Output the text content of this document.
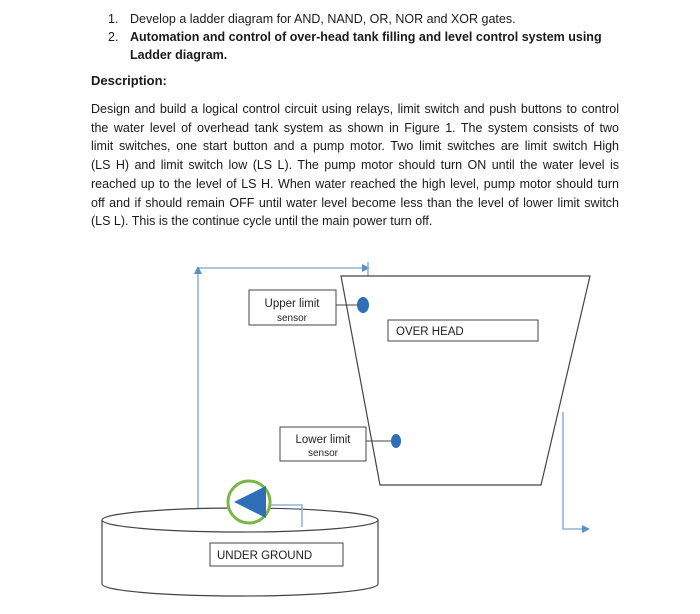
1. Develop a ladder diagram for AND, NAND, OR, NOR and XOR gates.
2. Automation and control of over-head tank filling and level control system using Ladder diagram.
Description:
Design and build a logical control circuit using relays, limit switch and push buttons to control
the water level of overhead tank system as shown in Figure 1. The system consists of two
limit switches, one start button and a pump motor. Two limit switches are limit switch High
(LS H) and limit switch low (LS L). The pump motor should turn ON until the water level is
reached up to the level of LS H. When water reached the high level, pump motor should turn
off and if should remain OFF until water level become less than the level of lower limit switch
(LS L). This is the continue cycle until the main power turn off.
Upper limit
sensor
Lower limit
sensor
OVER HEAD
UNDER GROUND
